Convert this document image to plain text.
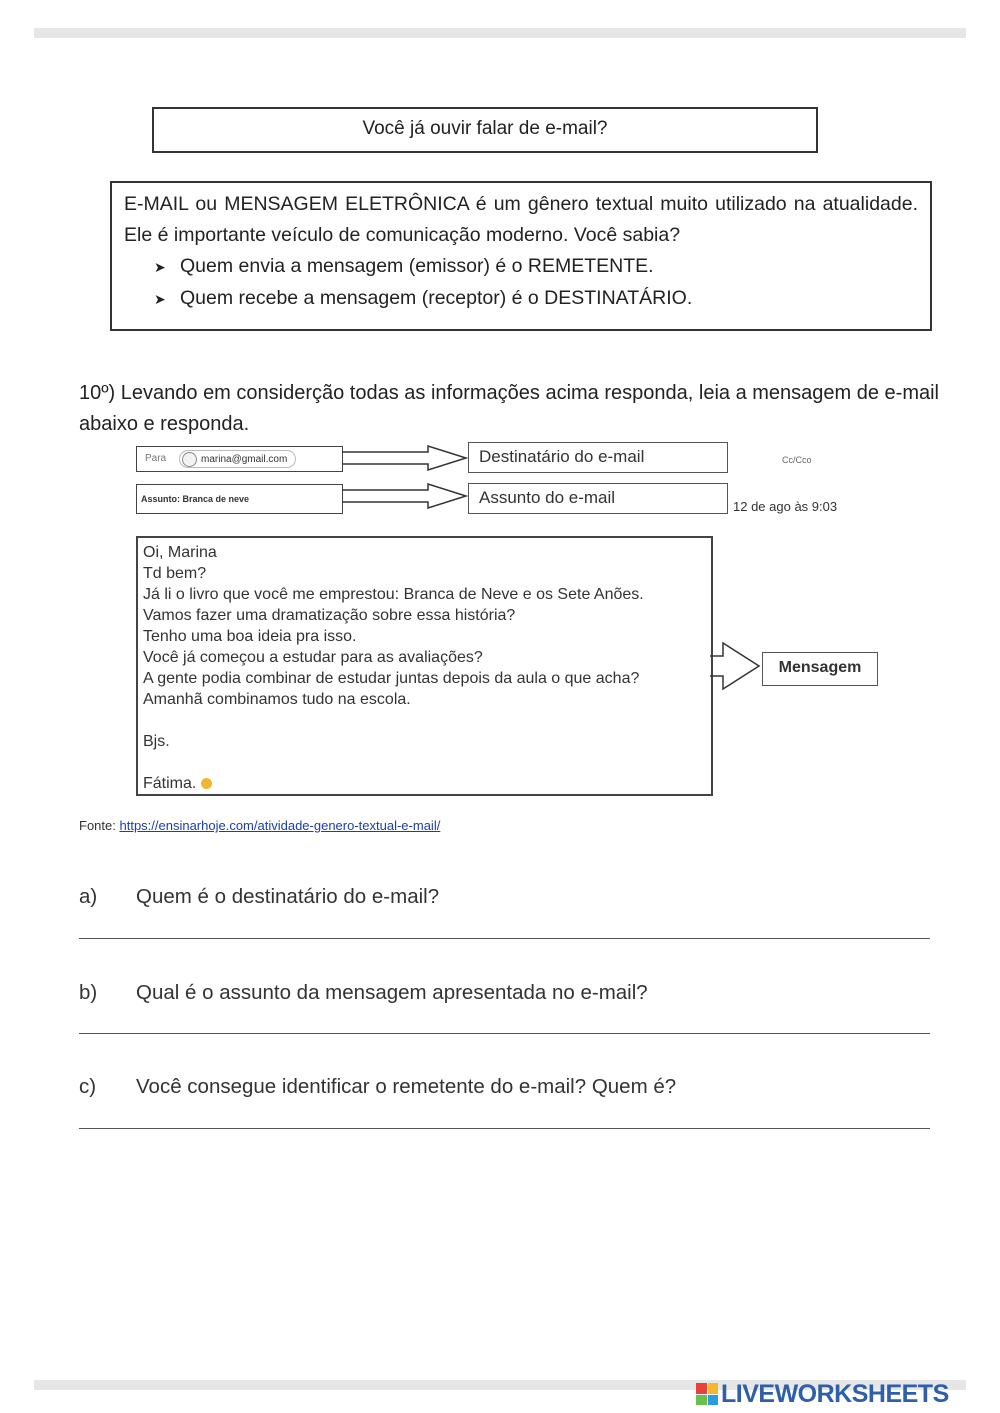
Você já ouvir falar de e-mail?

E-MAIL ou MENSAGEM ELETRÔNICA é um gênero textual muito utilizado na atualidade. Ele é importante veículo de comunicação moderno. Você sabia?

➤ Quem envia a mensagem (emissor) é o REMETENTE.
➤ Quem recebe a mensagem (receptor) é o DESTINATÁRIO.
10º) Levando em considerção todas as informações acima responda, leia a mensagem de e-mail abaixo e responda.
Para	marina@gmail.com
Assunto: Branca de neve
Destinatário do e-mail
Assunto do e-mail
Cc/Cco
12 de ago às 9:03
Oi, Marina
Td bem?
Já li o livro que você me emprestou: Branca de Neve e os Sete Anões.
Vamos fazer uma dramatização sobre essa história?
Tenho uma boa ideia pra isso.
Você já começou a estudar para as avaliações?
A gente podia combinar de estudar juntas depois da aula o que acha?
Amanhã combinamos tudo na escola.
Bjs.
Fátima.
Mensagem
Fonte: https://ensinarhoje.com/atividade-genero-textual-e-mail/
a) Quem é o destinatário do e-mail?
b) Qual é o assunto da mensagem apresentada no e-mail?
c) Você consegue identificar o remetente do e-mail? Quem é?
LIVEWORKSHEETS
